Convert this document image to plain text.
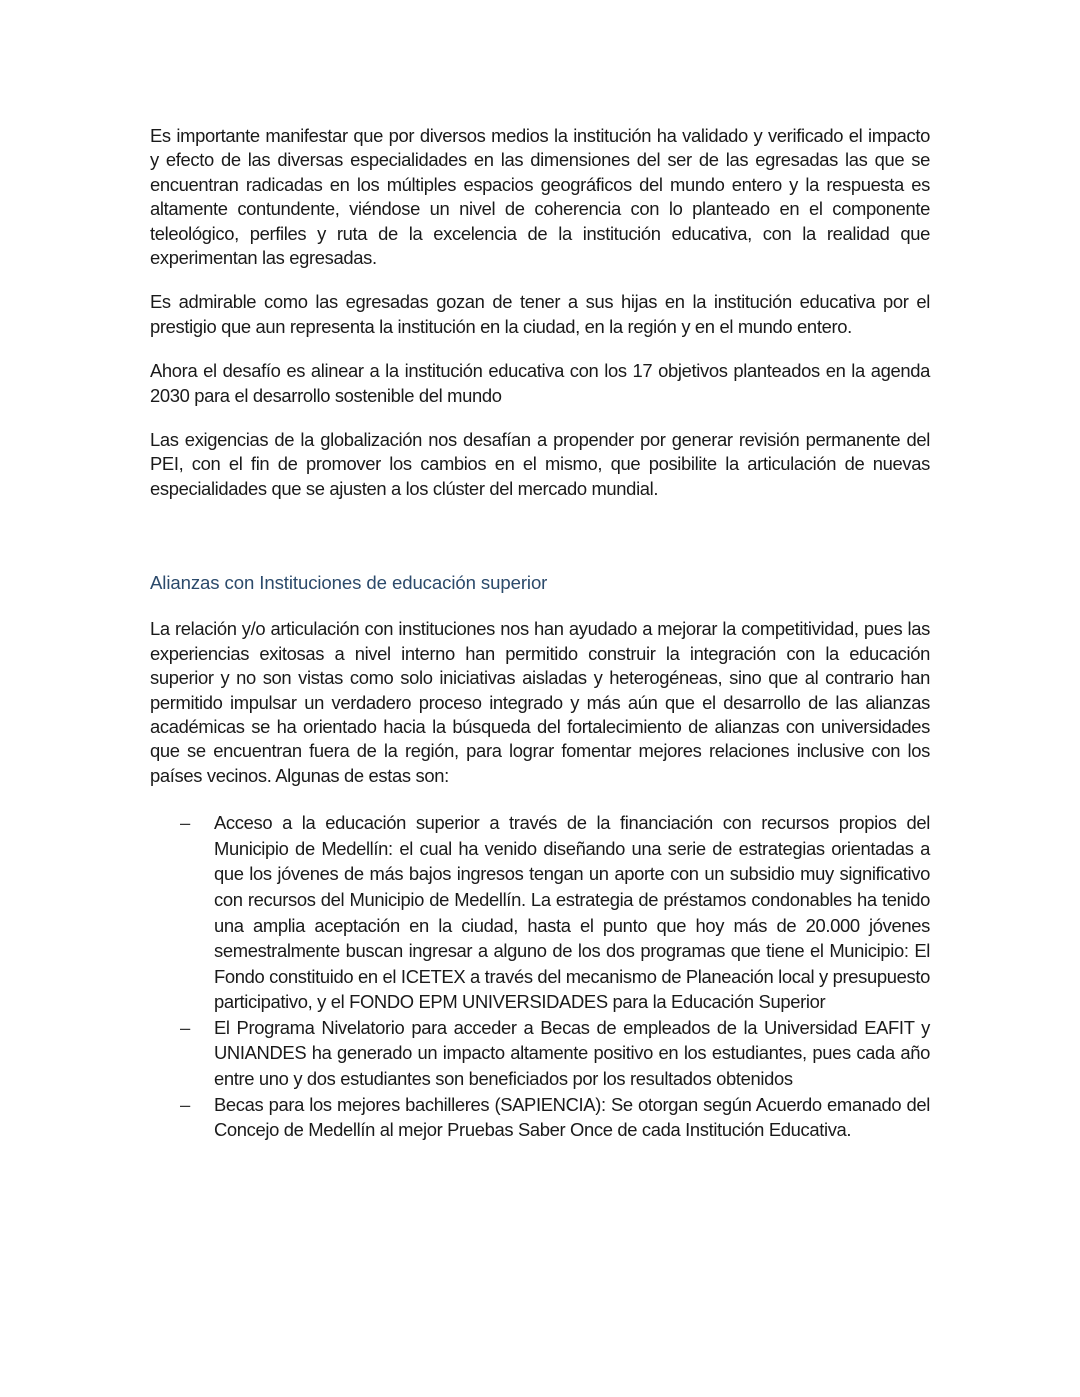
Es importante manifestar que por diversos medios la institución ha validado y verificado el impacto y efecto de las diversas especialidades en las dimensiones del ser de las egresadas las que se encuentran radicadas en los múltiples espacios geográficos del mundo entero y la respuesta es altamente contundente, viéndose un nivel de coherencia con lo planteado en el componente teleológico, perfiles y ruta de la excelencia de la institución educativa, con la realidad que experimentan las egresadas.

Es admirable como las egresadas gozan de tener a sus hijas en la institución educativa por el prestigio que aun representa la institución en la ciudad, en la región y en el mundo entero.

Ahora el desafío es alinear a la institución educativa con los 17 objetivos planteados en la agenda 2030 para el desarrollo sostenible del mundo

Las exigencias de la globalización nos desafían a propender por generar revisión permanente del PEI, con el fin de promover los cambios en el mismo, que posibilite la articulación de nuevas especialidades que se ajusten a los clúster del mercado mundial.

Alianzas con Instituciones de educación superior

La relación y/o articulación con instituciones nos han ayudado a mejorar la competitividad, pues las experiencias exitosas a nivel interno han permitido construir la integración con la educación superior y no son vistas como solo iniciativas aisladas y heterogéneas, sino que al contrario han permitido impulsar un verdadero proceso integrado y más aún que el desarrollo de las alianzas académicas se ha orientado hacia la búsqueda del fortalecimiento de alianzas con universidades que se encuentran fuera de la región, para lograr fomentar mejores relaciones inclusive con los países vecinos. Algunas de estas son:

– Acceso a la educación superior a través de la financiación con recursos propios del Municipio de Medellín: el cual ha venido diseñando una serie de estrategias orientadas a que los jóvenes de más bajos ingresos tengan un aporte con un subsidio muy significativo con recursos del Municipio de Medellín. La estrategia de préstamos condonables ha tenido una amplia aceptación en la ciudad, hasta el punto que hoy más de 20.000 jóvenes semestralmente buscan ingresar a alguno de los dos programas que tiene el Municipio: El Fondo constituido en el ICETEX a través del mecanismo de Planeación local y presupuesto participativo, y el FONDO EPM UNIVERSIDADES para la Educación Superior
– El Programa Nivelatorio para acceder a Becas de empleados de la Universidad EAFIT y UNIANDES ha generado un impacto altamente positivo en los estudiantes, pues cada año entre uno y dos estudiantes son beneficiados por los resultados obtenidos
– Becas para los mejores bachilleres (SAPIENCIA): Se otorgan según Acuerdo emanado del Concejo de Medellín al mejor Pruebas Saber Once de cada Institución Educativa.
